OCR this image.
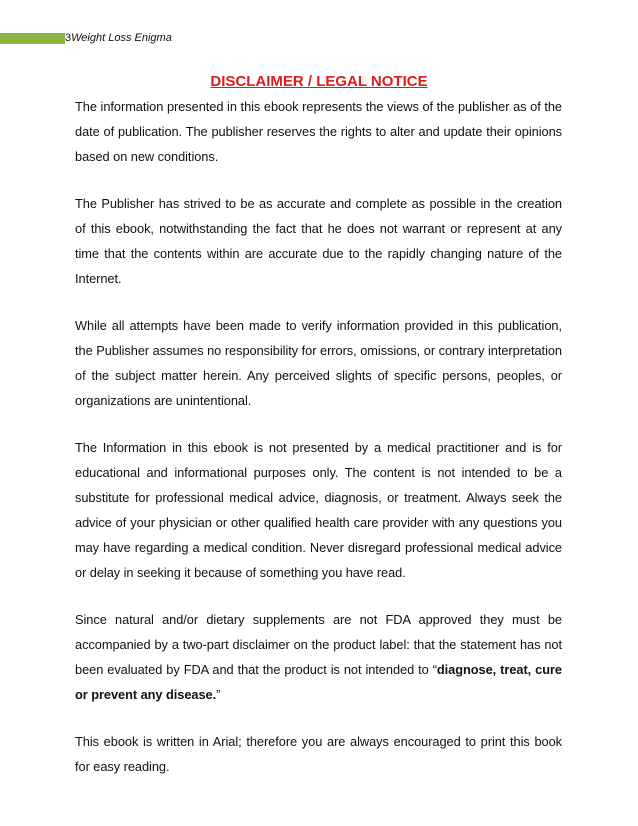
3Weight Loss Enigma
DISCLAIMER / LEGAL NOTICE

The information presented in this ebook represents the views of the publisher as of the date of publication. The publisher reserves the rights to alter and update their opinions based on new conditions.

The Publisher has strived to be as accurate and complete as possible in the creation of this ebook, notwithstanding the fact that he does not warrant or represent at any time that the contents within are accurate due to the rapidly changing nature of the Internet.

While all attempts have been made to verify information provided in this publication, the Publisher assumes no responsibility for errors, omissions, or contrary interpretation of the subject matter herein. Any perceived slights of specific persons, peoples, or organizations are unintentional.

The Information in this ebook is not presented by a medical practitioner and is for educational and informational purposes only. The content is not intended to be a substitute for professional medical advice, diagnosis, or treatment. Always seek the advice of your physician or other qualified health care provider with any questions you may have regarding a medical condition. Never disregard professional medical advice or delay in seeking it because of something you have read.

Since natural and/or dietary supplements are not FDA approved they must be accompanied by a two-part disclaimer on the product label: that the statement has not been evaluated by FDA and that the product is not intended to “diagnose, treat, cure or prevent any disease.”

This ebook is written in Arial; therefore you are always encouraged to print this book for easy reading.
